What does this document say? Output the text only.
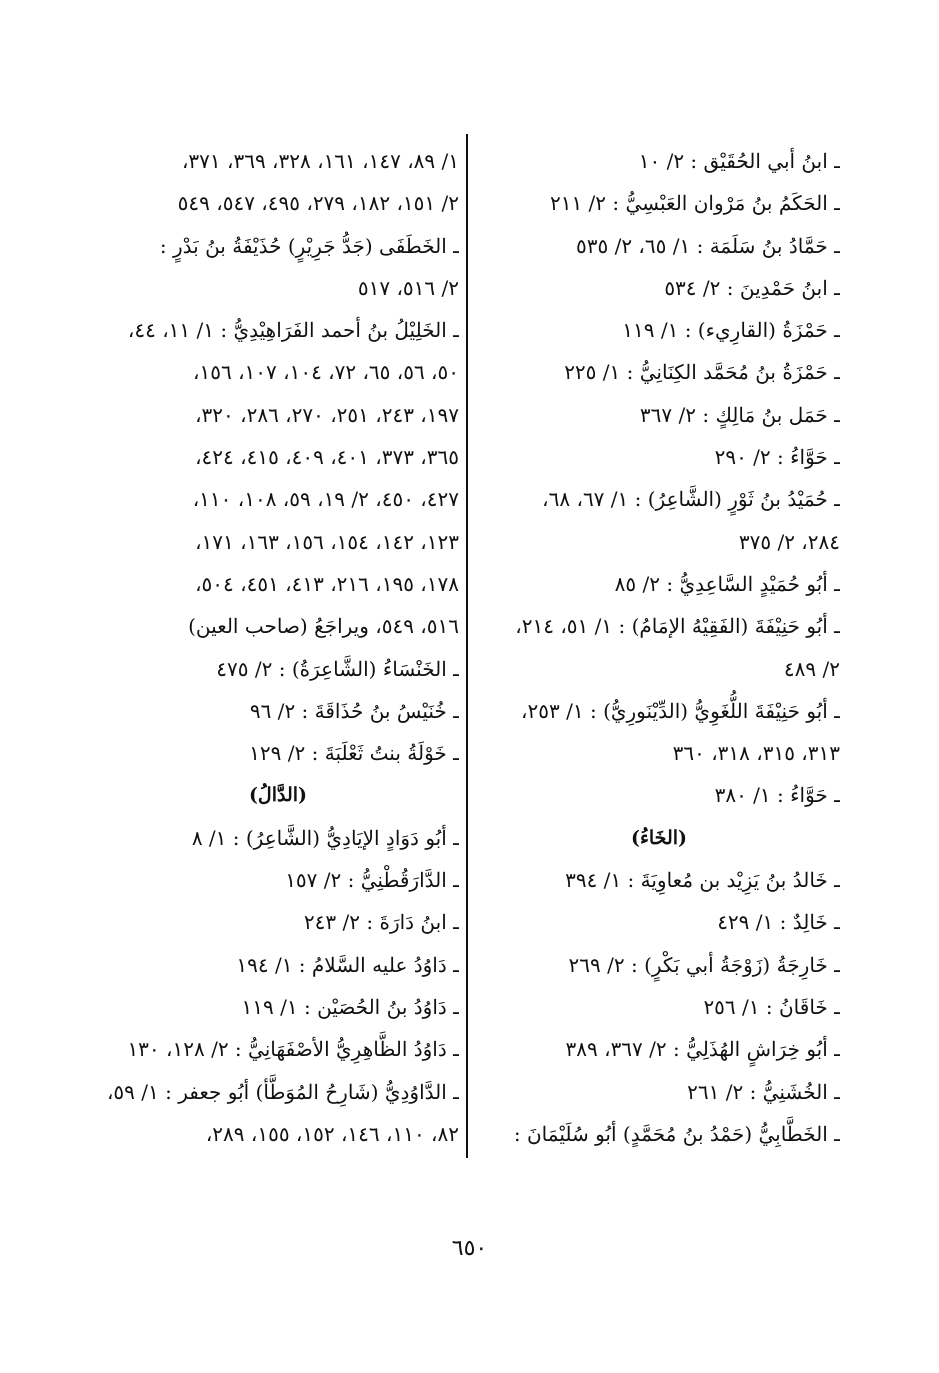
ـ ابنُ أبي الحُقَيْق : ٢/ ١٠
ـ الحَكَمُ بنُ مَرْوان العَبْسِيُّ : ٢/ ٢١١
ـ حَمَّادُ بنُ سَلَمَة : ١/ ٦٥، ٢/ ٥٣٥
ـ ابنُ حَمْدِينَ : ٢/ ٥٣٤
ـ حَمْزَةُ (القارِيء) : ١/ ١١٩
ـ حَمْزَةُ بنُ مُحَمَّد الكِنَانِيُّ : ١/ ٢٢٥
ـ حَمَل بنُ مَالِكٍ : ٢/ ٣٦٧
ـ حَوَّاءُ : ٢/ ٢٩٠
ـ حُمَيْدُ بنُ ثَوْرٍ (الشَّاعِرُ) : ١/ ٦٧، ٦٨،
٢٨٤، ٢/ ٣٧٥
ـ أبُو حُمَيْدٍ السَّاعِدِيُّ : ٢/ ٨٥
ـ أبُو حَنِيْفَةَ (الفَقِيْهُ الإمَامُ) : ١/ ٥١، ٢١٤،
٢/ ٤٨٩
ـ أبُو حَنِيْفَةَ اللُّغَوِيُّ (الدِّيْنَورِيُّ) : ١/ ٢٥٣،
٣١٣، ٣١٥، ٣١٨، ٣٦٠
ـ حَوَّاءُ : ١/ ٣٨٠
(الخَاءُ)
ـ خَالدُ بنُ يَزِيْد بن مُعاوِيَةَ : ١/ ٣٩٤
ـ خَالِدٌ : ١/ ٤٢٩
ـ خَارِجَةُ (زَوْجَةُ أبي بَكْرٍ) : ٢/ ٢٦٩
ـ خَاقَانُ : ١/ ٢٥٦
ـ أبُو خِرَاشٍ الهُذَلِيُّ : ٢/ ٣٦٧، ٣٨٩
ـ الخُشَنِيُّ : ٢/ ٢٦١
ـ الخَطَّابِيُّ (حَمْدُ بنُ مُحَمَّدٍ) أبُو سُلَيْمَانَ :
١/ ٨٩، ١٤٧، ١٦١، ٣٢٨، ٣٦٩، ٣٧١،
٢/ ١٥١، ١٨٢، ٢٧٩، ٤٩٥، ٥٤٧، ٥٤٩
ـ الخَطَفَى (جَدُّ جَرِيْرٍ) حُذَيْفَةُ بنُ بَدْرٍ :
٢/ ٥١٦، ٥١٧
ـ الخَلِيْلُ بنُ أحمد الفَرَاهِيْدِيُّ : ١/ ١١، ٤٤،
٥٠، ٥٦، ٦٥، ٧٢، ١٠٤، ١٠٧، ١٥٦،
١٩٧، ٢٤٣، ٢٥١، ٢٧٠، ٢٨٦، ٣٢٠،
٣٦٥، ٣٧٣، ٤٠١، ٤٠٩، ٤١٥، ٤٢٤،
٤٢٧، ٤٥٠، ٢/ ١٩، ٥٩، ١٠٨، ١١٠،
١٢٣، ١٤٢، ١٥٤، ١٥٦، ١٦٣، ١٧١،
١٧٨، ١٩٥، ٢١٦، ٤١٣، ٤٥١، ٥٠٤،
٥١٦، ٥٤٩، ويراجَعُ (صاحب العين)
ـ الخَنْسَاءُ (الشَّاعِرَةُ) : ٢/ ٤٧٥
ـ خُنَيْسُ بنُ حُذَاقَةَ : ٢/ ٩٦
ـ خَوْلَةُ بنتُ ثَعْلَبَةَ : ٢/ ١٢٩
(الدَّالُ)
ـ أبُو دَوَادٍ الإيَادِيُّ (الشَّاعِرُ) : ١/ ٨
ـ الدَّارَقُطْنِيُّ : ٢/ ١٥٧
ـ ابنُ دَارَةَ : ٢/ ٢٤٣
ـ دَاوُدُ عليه السَّلامُ : ١/ ١٩٤
ـ دَاوُدُ بنُ الحُصَيْن : ١/ ١١٩
ـ دَاوُدُ الظَّاهِرِيُّ الأصْفَهَانِيُّ : ٢/ ١٢٨، ١٣٠
ـ الدَّاوُدِيُّ (شَارِحُ المُوَطَّأ) أبُو جعفر : ١/ ٥٩،
٨٢، ١١٠، ١٤٦، ١٥٢، ١٥٥، ٢٨٩،
٦٥٠
